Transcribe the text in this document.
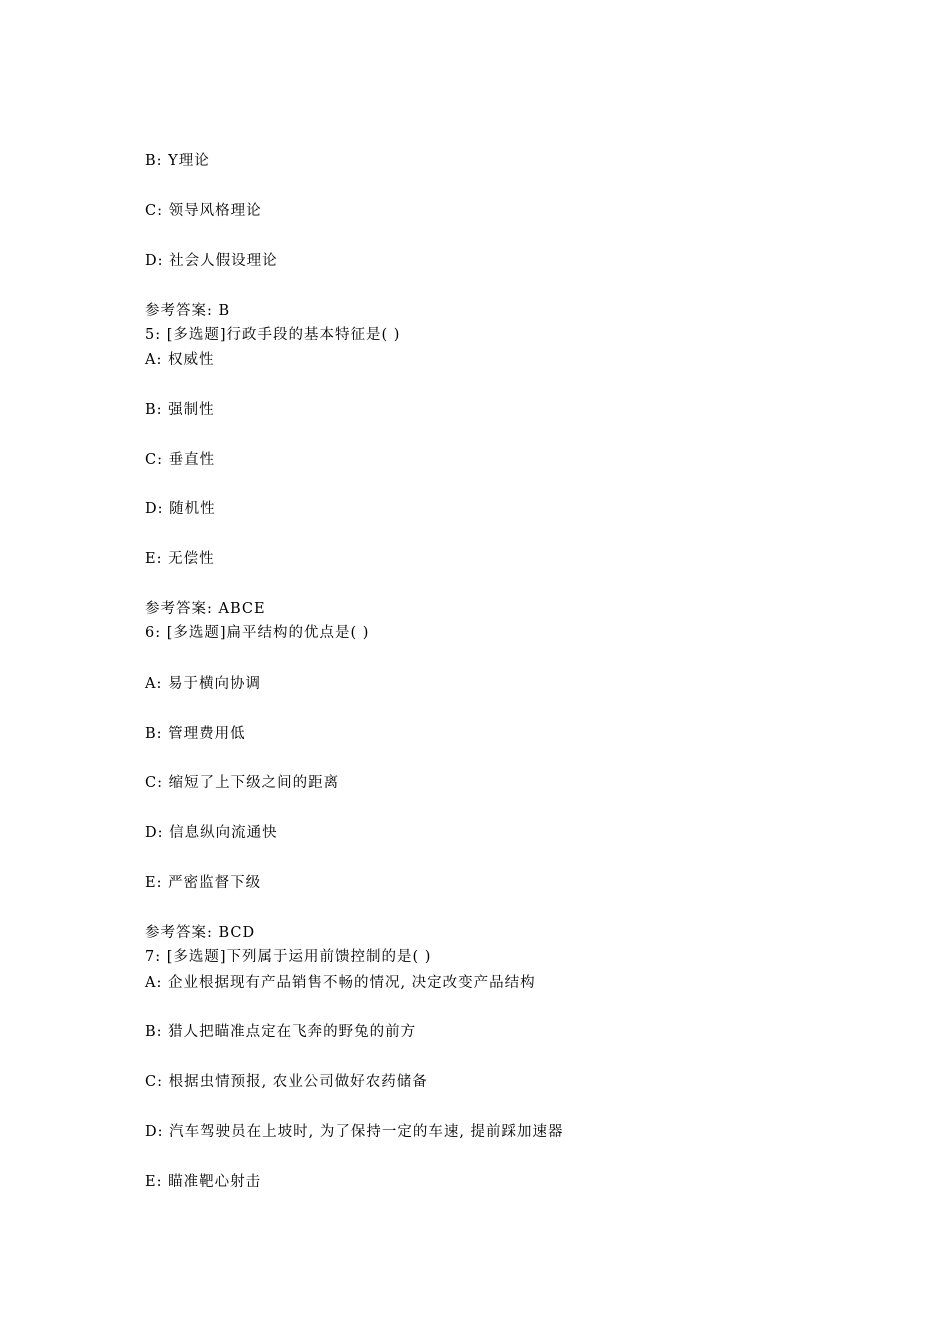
B: Y理论
C: 领导风格理论
D: 社会人假设理论
参考答案: B
5: [多选题]行政手段的基本特征是( )
A: 权威性
B: 强制性
C: 垂直性
D: 随机性
E: 无偿性
参考答案: ABCE
6: [多选题]扁平结构的优点是( )
A: 易于横向协调
B: 管理费用低
C: 缩短了上下级之间的距离
D: 信息纵向流通快
E: 严密监督下级
参考答案: BCD
7: [多选题]下列属于运用前馈控制的是( )
A: 企业根据现有产品销售不畅的情况, 决定改变产品结构
B: 猎人把瞄准点定在飞奔的野兔的前方
C: 根据虫情预报, 农业公司做好农药储备
D: 汽车驾驶员在上坡时, 为了保持一定的车速, 提前踩加速器
E: 瞄准靶心射击
